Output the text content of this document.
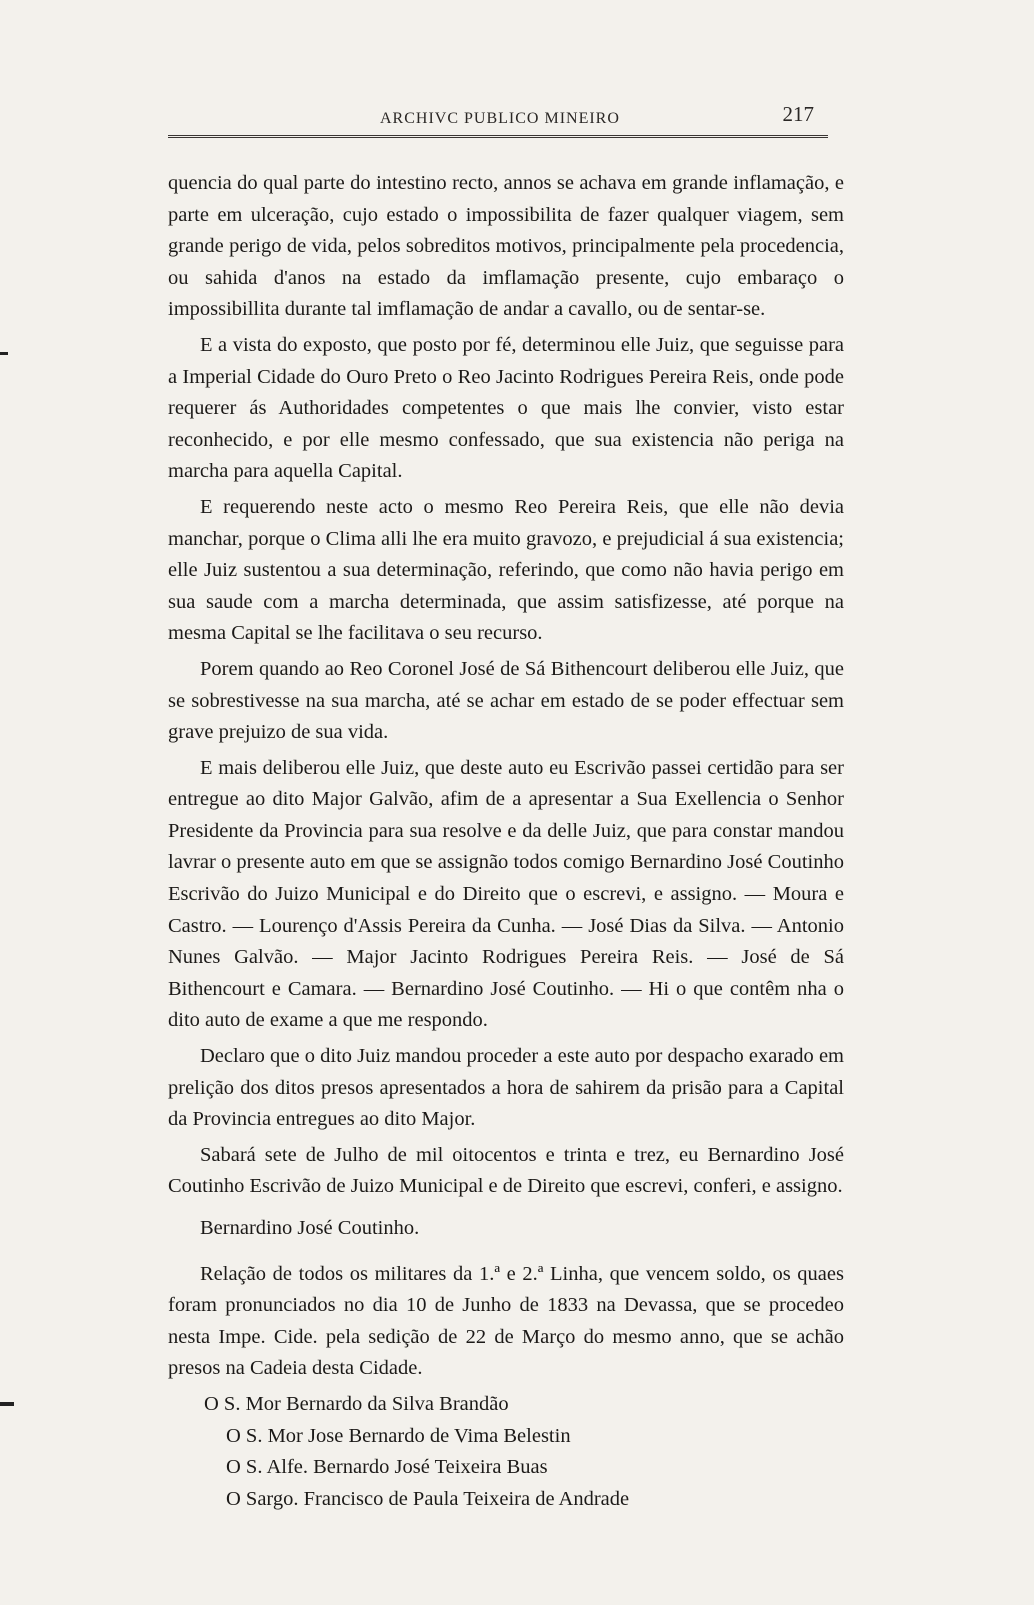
ARCHIVC PUBLICO MINEIRO	217

quencia do qual parte do intestino recto, annos se achava em grande inflamação, e parte em ulceração, cujo estado o impossibilita de fazer qualquer viagem, sem grande perigo de vida, pelos sobreditos motivos, principalmente pela procedencia, ou sahida d'anos na estado da imflamação presente, cujo embaraço o impossibillita durante tal imflamação de andar a cavallo, ou de sentar-se.

E a vista do exposto, que posto por fé, determinou elle Juiz, que seguisse para a Imperial Cidade do Ouro Preto o Reo Jacinto Rodrigues Pereira Reis, onde pode requerer ás Authoridades competentes o que mais lhe convier, visto estar reconhecido, e por elle mesmo confessado, que sua existencia não periga na marcha para aquella Capital.

E requerendo neste acto o mesmo Reo Pereira Reis, que elle não devia manchar, porque o Clima alli lhe era muito gravozo, e prejudicial á sua existencia; elle Juiz sustentou a sua determinação, referindo, que como não havia perigo em sua saude com a marcha determinada, que assim satisfizesse, até porque na mesma Capital se lhe facilitava o seu recurso.

Porem quando ao Reo Coronel José de Sá Bithencourt deliberou elle Juiz, que se sobrestivesse na sua marcha, até se achar em estado de se poder effectuar sem grave prejuizo de sua vida.

E mais deliberou elle Juiz, que deste auto eu Escrivão passei certidão para ser entregue ao dito Major Galvão, afim de a apresentar a Sua Exellencia o Senhor Presidente da Provincia para sua resolve e da delle Juiz, que para constar mandou lavrar o presente auto em que se assignão todos comigo Bernardino José Coutinho Escrivão do Juizo Municipal e do Direito que o escrevi, e assigno. — Moura e Castro. — Lourenço d'Assis Pereira da Cunha. — José Dias da Silva. — Antonio Nunes Galvão. — Major Jacinto Rodrigues Pereira Reis. — José de Sá Bithencourt e Camara. — Bernardino José Coutinho. — Hi o que contêm nha o dito auto de exame a que me respondo.

Declaro que o dito Juiz mandou proceder a este auto por despacho exarado em prelição dos ditos presos apresentados a hora de sahirem da prisão para a Capital da Provincia entregues ao dito Major.

Sabará sete de Julho de mil oitocentos e trinta e trez, eu Bernardino José Coutinho Escrivão de Juizo Municipal e de Direito que escrevi, conferi, e assigno.

Bernardino José Coutinho.

Relação de todos os militares da 1.ª e 2.ª Linha, que vencem soldo, os quaes foram pronunciados no dia 10 de Junho de 1833 na Devassa, que se procedeo nesta Impe. Cide. pela sedição de 22 de Março do mesmo anno, que se achão presos na Cadeia desta Cidade.

O S. Mor Bernardo da Silva Brandão
O S. Mor Jose Bernardo de Vima Belestin
O S. Alfe. Bernardo José Teixeira Buas
O Sargo. Francisco de Paula Teixeira de Andrade
